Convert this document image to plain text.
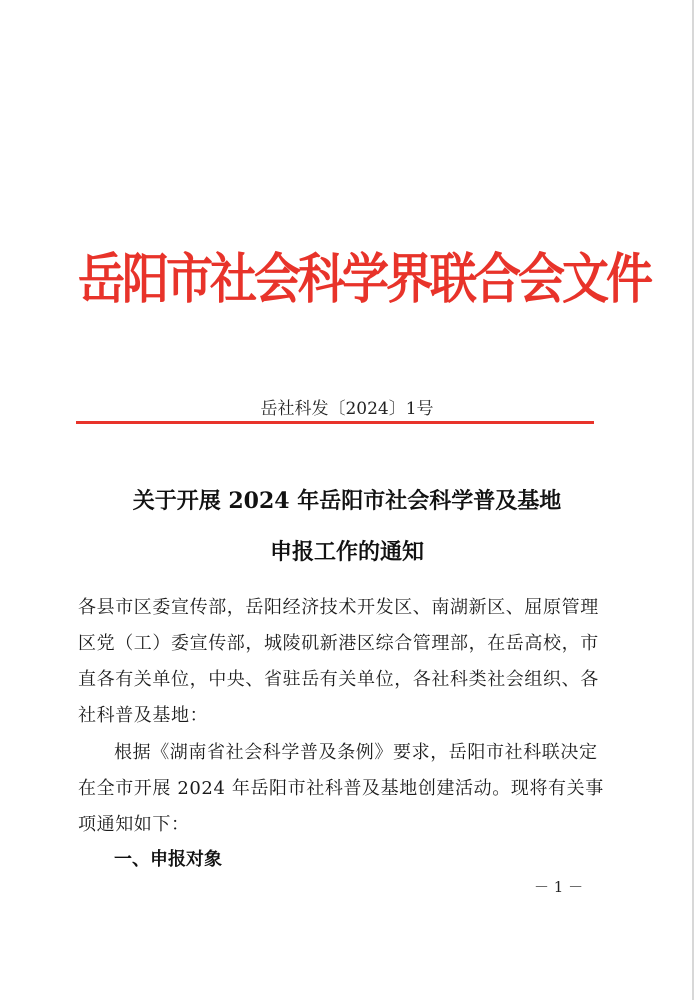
岳阳市社会科学界联合会文件
岳社科发〔2024〕1号
关于开展 2024 年岳阳市社会科学普及基地
申报工作的通知
各县市区委宣传部，岳阳经济技术开发区、南湖新区、屈原管理区党（工）委宣传部，城陵矶新港区综合管理部，在岳高校，市直各有关单位，中央、省驻岳有关单位，各社科类社会组织、各社科普及基地：
根据《湖南省社会科学普及条例》要求，岳阳市社科联决定在全市开展 2024 年岳阳市社科普及基地创建活动。现将有关事项通知如下：
一、申报对象
－ 1 －
